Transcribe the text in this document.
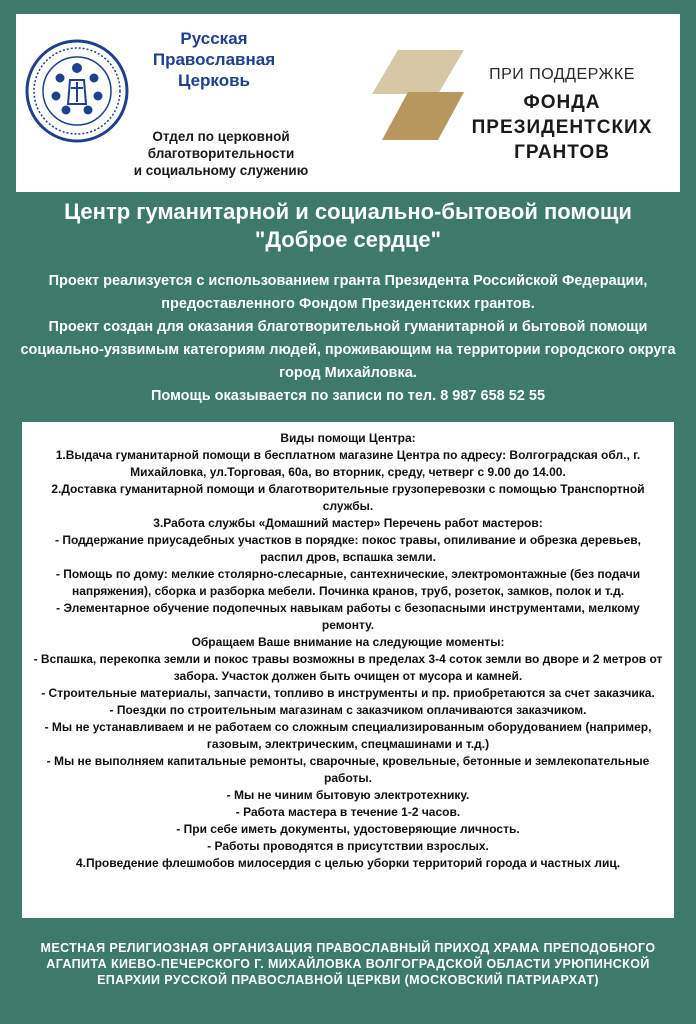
Русская
Православная
Церковь
Отдел по церковной
благотворительности
и социальному служению
ПРИ ПОДДЕРЖКЕ
ФОНДА
ПРЕЗИДЕНТСКИХ
ГРАНТОВ
Центр гуманитарной и социально-бытовой помощи
"Доброе сердце"

Проект реализуется с использованием гранта Президента Российской Федерации, предоставленного Фондом Президентских грантов.

Проект создан для оказания благотворительной гуманитарной и бытовой помощи социально-уязвимым категориям людей, проживающим на территории городского округа город Михайловка.

Помощь оказывается по записи по тел. 8 987 658 52 55

Виды помощи Центра:

1.Выдача гуманитарной помощи в бесплатном магазине Центра по адресу: Волгоградская обл., г. Михайловка, ул.Торговая, 60а, во вторник, среду, четверг с 9.00 до 14.00.

2.Доставка гуманитарной помощи и благотворительные грузоперевозки с помощью Транспортной службы.

3.Работа службы «Домашний мастер» Перечень работ мастеров:

- Поддержание приусадебных участков в порядке: покос травы, опиливание и обрезка деревьев, распил дров, вспашка земли.

- Помощь по дому: мелкие столярно-слесарные, сантехнические, электромонтажные (без подачи напряжения), сборка и разборка мебели. Починка кранов, труб, розеток, замков, полок и т.д.

- Элементарное обучение подопечных навыкам работы с безопасными инструментами, мелкому ремонту.

Обращаем Ваше внимание на следующие моменты:

- Вспашка, перекопка земли и покос травы возможны в пределах 3-4 соток земли во дворе и 2 метров от забора. Участок должен быть очищен от мусора и камней.

- Строительные материалы, запчасти, топливо в инструменты и пр. приобретаются за счет заказчика.

- Поездки по строительным магазинам с заказчиком оплачиваются заказчиком.

- Мы не устанавливаем и не работаем со сложным специализированным оборудованием (например, газовым, электрическим, спецмашинами и т.д.)

- Мы не выполняем капитальные ремонты, сварочные, кровельные, бетонные и землекопательные работы.

- Мы не чиним бытовую электротехнику.

- Работа мастера в течение 1-2 часов.

- При себе иметь документы, удостоверяющие личность.

- Работы проводятся в присутствии взрослых.

4.Проведение флешмобов милосердия с целью уборки территорий города и частных лиц.

МЕСТНАЯ РЕЛИГИОЗНАЯ ОРГАНИЗАЦИЯ ПРАВОСЛАВНЫЙ ПРИХОД ХРАМА ПРЕПОДОБНОГО АГАПИТА КИЕВО-ПЕЧЕРСКОГО Г. МИХАЙЛОВКА ВОЛГОГРАДСКОЙ ОБЛАСТИ УРЮПИНСКОЙ ЕПАРХИИ РУССКОЙ ПРАВОСЛАВНОЙ ЦЕРКВИ (МОСКОВСКИЙ ПАТРИАРХАТ)
